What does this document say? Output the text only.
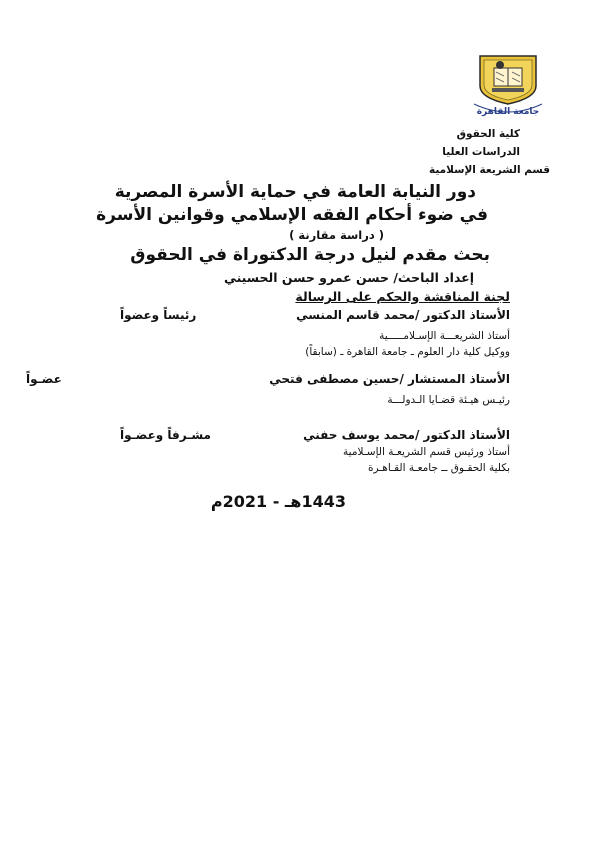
جامعة القاهرة
كلية الحقوق
الدراسات العليا
قسم الشريعة الإسلامية
دور النيابة العامة في حماية الأسرة المصرية
في ضوء أحكام الفقه الإسلامي وقوانين الأسرة
( دراسة مقارنة )
بحث مقدم لنيل درجة الدكتوراة في الحقوق
إعداد الباحث/ حسن عمرو حسن الحسيني
لجنة المناقشة والحكم على الرسالة
الأستاذ الدكتور /محمد قاسم المنسي
رئيساً وعضواً
أستاذ الشريعـــة الإسـلامـــــية
ووكيل كلية دار العلوم ـ جامعة القاهرة ـ (سابقاً)
الأستاذ المستشار /حسين مصطفى فتحي
عضـواً
رئيـس هيـئة قضـايا الـدولـــة
الأستاذ الدكتور /محمد يوسف حفني
مشـرفاً وعضـواً
أستاذ ورئيس قسم الشريعـة الإسـلامية
بكلية الحقـوق ــ جامعـة القـاهـرة
1443هـ - 2021م
